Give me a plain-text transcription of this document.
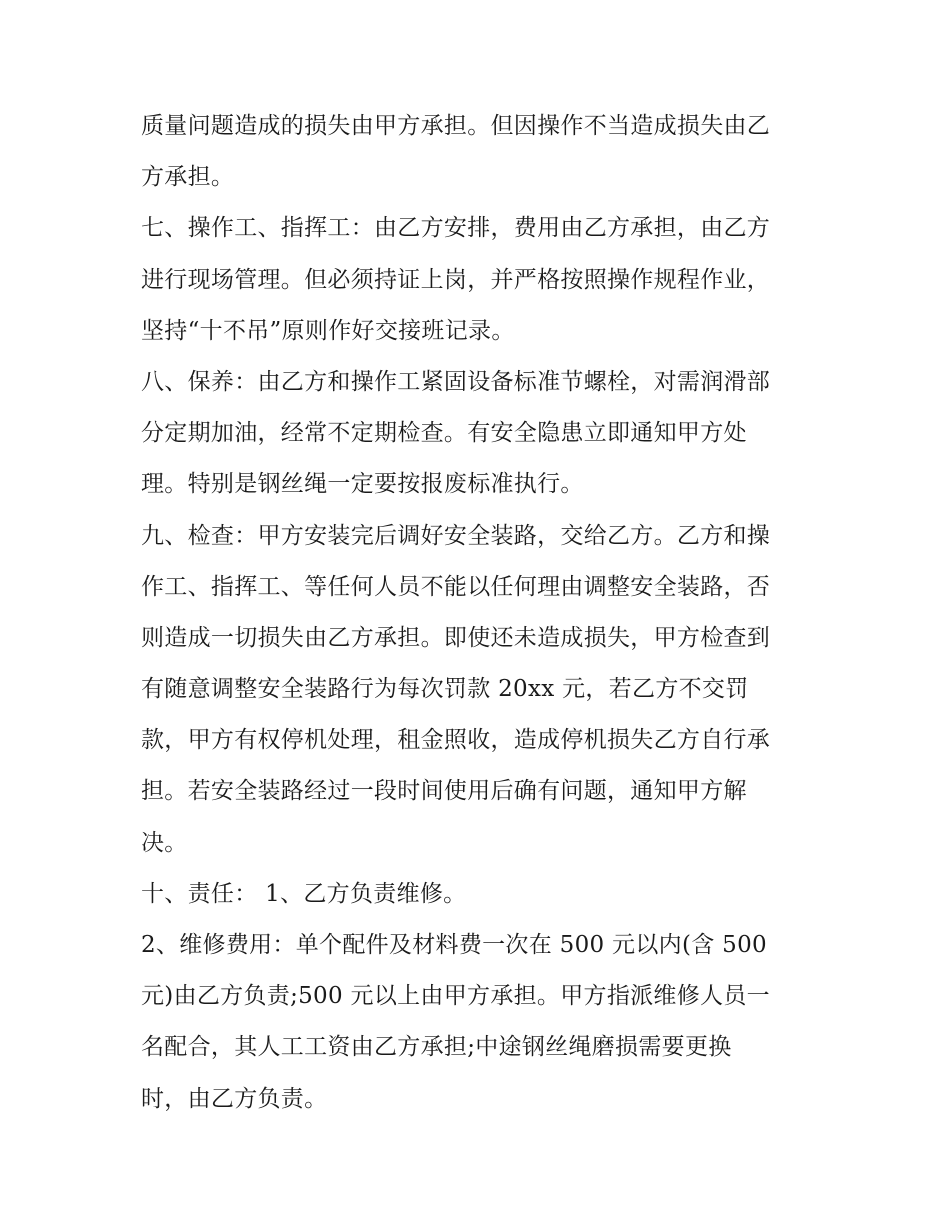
质量问题造成的损失由甲方承担。但因操作不当造成损失由乙
方承担。
七、操作工、指挥工：由乙方安排，费用由乙方承担，由乙方
进行现场管理。但必须持证上岗，并严格按照操作规程作业，
坚持“十不吊”原则作好交接班记录。
八、保养：由乙方和操作工紧固设备标准节螺栓，对需润滑部
分定期加油，经常不定期检查。有安全隐患立即通知甲方处
理。特别是钢丝绳一定要按报废标准执行。
九、检查：甲方安装完后调好安全装路，交给乙方。乙方和操
作工、指挥工、等任何人员不能以任何理由调整安全装路，否
则造成一切损失由乙方承担。即使还未造成损失，甲方检查到
有随意调整安全装路行为每次罚款 20xx 元，若乙方不交罚
款，甲方有权停机处理，租金照收，造成停机损失乙方自行承
担。若安全装路经过一段时间使用后确有问题，通知甲方解
决。
十、责任： 1、乙方负责维修。
2、维修费用：单个配件及材料费一次在 500 元以内(含 500
元)由乙方负责;500 元以上由甲方承担。甲方指派维修人员一
名配合，其人工工资由乙方承担;中途钢丝绳磨损需要更换
时，由乙方负责。
